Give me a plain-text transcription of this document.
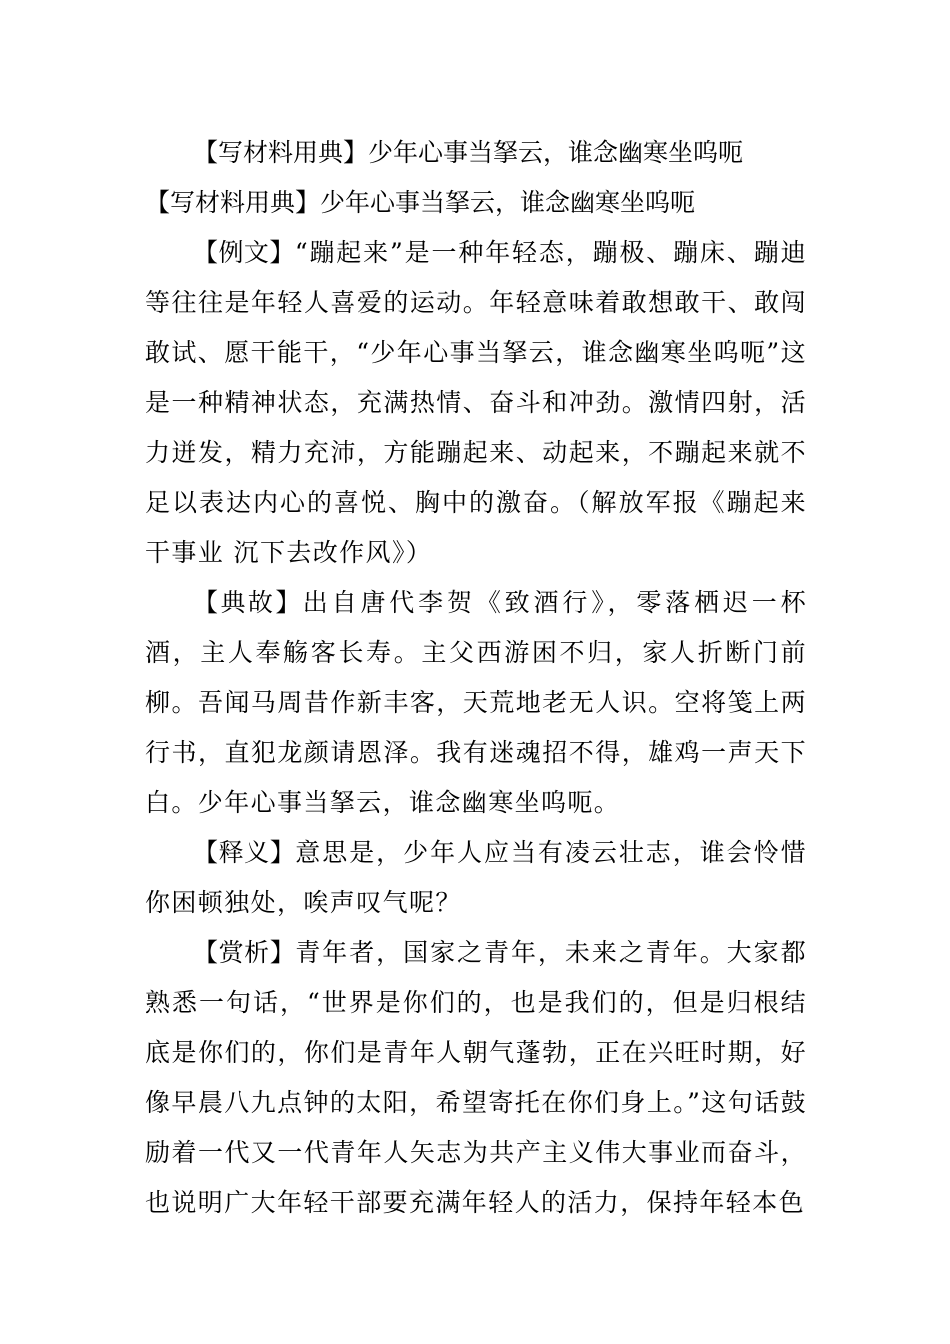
【写材料用典】少年心事当拏云，谁念幽寒坐呜呃
【写材料用典】少年心事当拏云，谁念幽寒坐呜呃

【例文】“蹦起来”是一种年轻态，蹦极、蹦床、蹦迪等往往是年轻人喜爱的运动。年轻意味着敢想敢干、敢闯敢试、愿干能干，“少年心事当拏云，谁念幽寒坐呜呃”这是一种精神状态，充满热情、奋斗和冲劲。激情四射，活力迸发，精力充沛，方能蹦起来、动起来，不蹦起来就不足以表达内心的喜悦、胸中的激奋。（解放军报《蹦起来干事业 沉下去改作风》）

【典故】出自唐代李贺《致酒行》，零落栖迟一杯酒，主人奉觞客长寿。主父西游困不归，家人折断门前柳。吾闻马周昔作新丰客，天荒地老无人识。空将笺上两行书，直犯龙颜请恩泽。我有迷魂招不得，雄鸡一声天下白。少年心事当拏云，谁念幽寒坐呜呃。

【释义】意思是，少年人应当有凌云壮志，谁会怜惜你困顿独处，唉声叹气呢？

【赏析】青年者，国家之青年，未来之青年。大家都熟悉一句话，“世界是你们的，也是我们的，但是归根结底是你们的，你们是青年人朝气蓬勃，正在兴旺时期，好像早晨八九点钟的太阳，希望寄托在你们身上。”这句话鼓励着一代又一代青年人矢志为共产主义伟大事业而奋斗，也说明广大年轻干部要充满年轻人的活力，保持年轻本色
